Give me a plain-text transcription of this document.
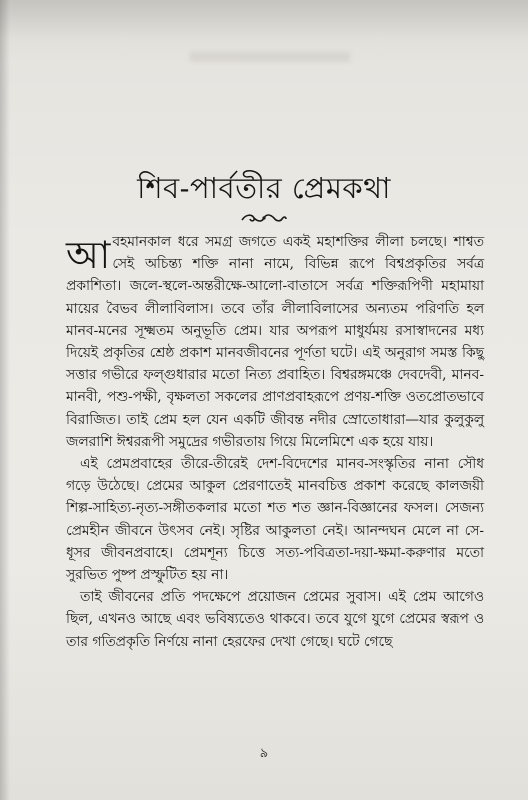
শিব-পার্বতীর প্রেমকথা

আবহমানকাল ধরে সমগ্র জগতে একই মহাশক্তির লীলা চলছে। শাশ্বত সেই অচিন্ত্য শক্তি নানা নামে, বিভিন্ন রূপে বিশ্বপ্রকৃতির সর্বত্র প্রকাশিতা। জলে-স্থলে-অন্তরীক্ষে-আলো-বাতাসে সর্বত্র শক্তিরূপিণী মহামায়া মায়ের বৈভব লীলাবিলাস। তবে তাঁর লীলাবিলাসের অন্যতম পরিণতি হল মানব-মনের সূক্ষ্মতম অনুভূতি প্রেম। যার অপরূপ মাধুর্যময় রসাস্বাদনের মধ্য দিয়েই প্রকৃতির শ্রেষ্ঠ প্রকাশ মানবজীবনের পূর্ণতা ঘটে। এই অনুরাগ সমস্ত কিছু সত্তার গভীরে ফল্গুধারার মতো নিত্য প্রবাহিত। বিশ্বরঙ্গমঞ্চে দেবদেবী, মানব-মানবী, পশু-পক্ষী, বৃক্ষলতা সকলের প্রাণপ্রবাহরূপে প্রণয়-শক্তি ওতপ্রোতভাবে বিরাজিত। তাই প্রেম হল যেন একটি জীবন্ত নদীর স্রোতোধারা—যার কুলুকুলু জলরাশি ঈশ্বররূপী সমুদ্রের গভীরতায় গিয়ে মিলেমিশে এক হয়ে যায়।

এই প্রেমপ্রবাহের তীরে-তীরেই দেশ-বিদেশের মানব-সংস্কৃতির নানা সৌধ গড়ে উঠেছে। প্রেমের আকুল প্রেরণাতেই মানবচিত্ত প্রকাশ করেছে কালজয়ী শিল্প-সাহিত্য-নৃত্য-সঙ্গীতকলার মতো শত শত জ্ঞান-বিজ্ঞানের ফসল। সেজন্য প্রেমহীন জীবনে উৎসব নেই। সৃষ্টির আকুলতা নেই। আনন্দঘন মেলে না সে-ধূসর জীবনপ্রবাহে। প্রেমশূন্য চিত্তে সত্য-পবিত্রতা-দয়া-ক্ষমা-করুণার মতো সুরভিত পুষ্প প্রস্ফুটিত হয় না।

তাই জীবনের প্রতি পদক্ষেপে প্রয়োজন প্রেমের সুবাস। এই প্রেম আগেও ছিল, এখনও আছে এবং ভবিষ্যতেও থাকবে। তবে যুগে যুগে প্রেমের স্বরূপ ও তার গতিপ্রকৃতি নির্ণয়ে নানা হেরফের দেখা গেছে। ঘটে গেছে

৯
